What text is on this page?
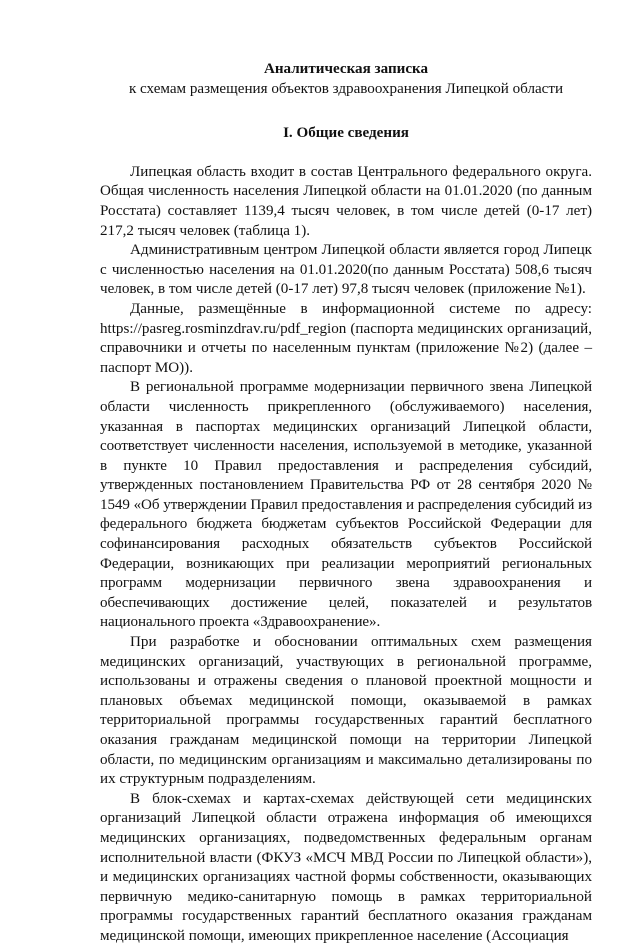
Аналитическая записка

к схемам размещения объектов здравоохранения Липецкой области

I. Общие сведения

Липецкая область входит в состав Центрального федерального округа. Общая численность населения Липецкой области на 01.01.2020 (по данным Росстата) составляет 1139,4 тысяч человек, в том числе детей (0-17 лет) 217,2 тысяч человек (таблица 1).

Административным центром Липецкой области является город Липецк с численностью населения на 01.01.2020(по данным Росстата) 508,6 тысяч человек, в том числе детей (0-17 лет) 97,8 тысяч человек (приложение №1).

Данные, размещённые в информационной системе по адресу: https://pasreg.rosminzdrav.ru/pdf_region (паспорта медицинских организаций, справочники и отчеты по населенным пунктам (приложение №2) (далее – паспорт МО)).

В региональной программе модернизации первичного звена Липецкой области численность прикрепленного (обслуживаемого) населения, указанная в паспортах медицинских организаций Липецкой области, соответствует численности населения, используемой в методике, указанной в пункте 10 Правил предоставления и распределения субсидий, утвержденных постановлением Правительства РФ от 28 сентября 2020 № 1549 «Об утверждении Правил предоставления и распределения субсидий из федерального бюджета бюджетам субъектов Российской Федерации для софинансирования расходных обязательств субъектов Российской Федерации, возникающих при реализации мероприятий региональных программ модернизации первичного звена здравоохранения и обеспечивающих достижение целей, показателей и результатов национального проекта «Здравоохранение».

При разработке и обосновании оптимальных схем размещения медицинских организаций, участвующих в региональной программе, использованы и отражены сведения о плановой проектной мощности и плановых объемах медицинской помощи, оказываемой в рамках территориальной программы государственных гарантий бесплатного оказания гражданам медицинской помощи на территории Липецкой области, по медицинским организациям и максимально детализированы по их структурным подразделениям.

В блок-схемах и картах-схемах действующей сети медицинских организаций Липецкой области отражена информация об имеющихся медицинских организациях, подведомственных федеральным органам исполнительной власти (ФКУЗ «МСЧ МВД России по Липецкой области»), и медицинских организациях частной формы собственности, оказывающих первичную медико-санитарную помощь в рамках территориальной программы государственных гарантий бесплатного оказания гражданам медицинской помощи, имеющих прикрепленное население (Ассоциация
